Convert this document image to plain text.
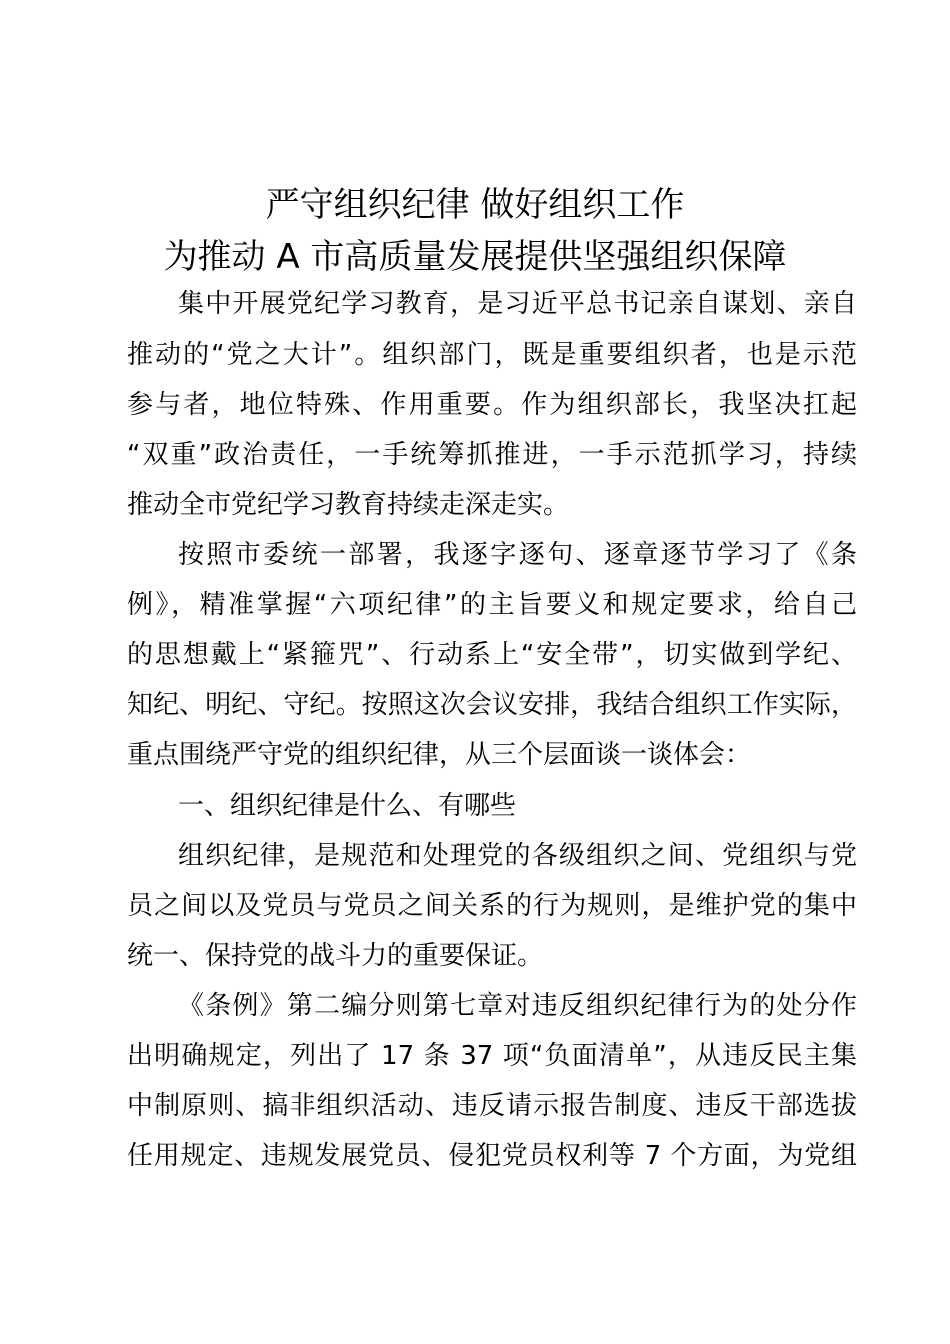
严守组织纪律 做好组织工作
为推动 A 市高质量发展提供坚强组织保障
集中开展党纪学习教育，是习近平总书记亲自谋划、亲自
推动的“党之大计”。组织部门，既是重要组织者，也是示范
参与者，地位特殊、作用重要。作为组织部长，我坚决扛起
“双重”政治责任，一手统筹抓推进，一手示范抓学习，持续
推动全市党纪学习教育持续走深走实。
按照市委统一部署，我逐字逐句、逐章逐节学习了《条
例》，精准掌握“六项纪律”的主旨要义和规定要求，给自己
的思想戴上“紧箍咒”、行动系上“安全带”，切实做到学纪、
知纪、明纪、守纪。按照这次会议安排，我结合组织工作实际，
重点围绕严守党的组织纪律，从三个层面谈一谈体会：
一、组织纪律是什么、有哪些
组织纪律，是规范和处理党的各级组织之间、党组织与党
员之间以及党员与党员之间关系的行为规则，是维护党的集中
统一、保持党的战斗力的重要保证。
《条例》第二编分则第七章对违反组织纪律行为的处分作
出明确规定，列出了 17 条 37 项“负面清单”，从违反民主集
中制原则、搞非组织活动、违反请示报告制度、违反干部选拔
任用规定、违规发展党员、侵犯党员权利等 7 个方面，为党组
